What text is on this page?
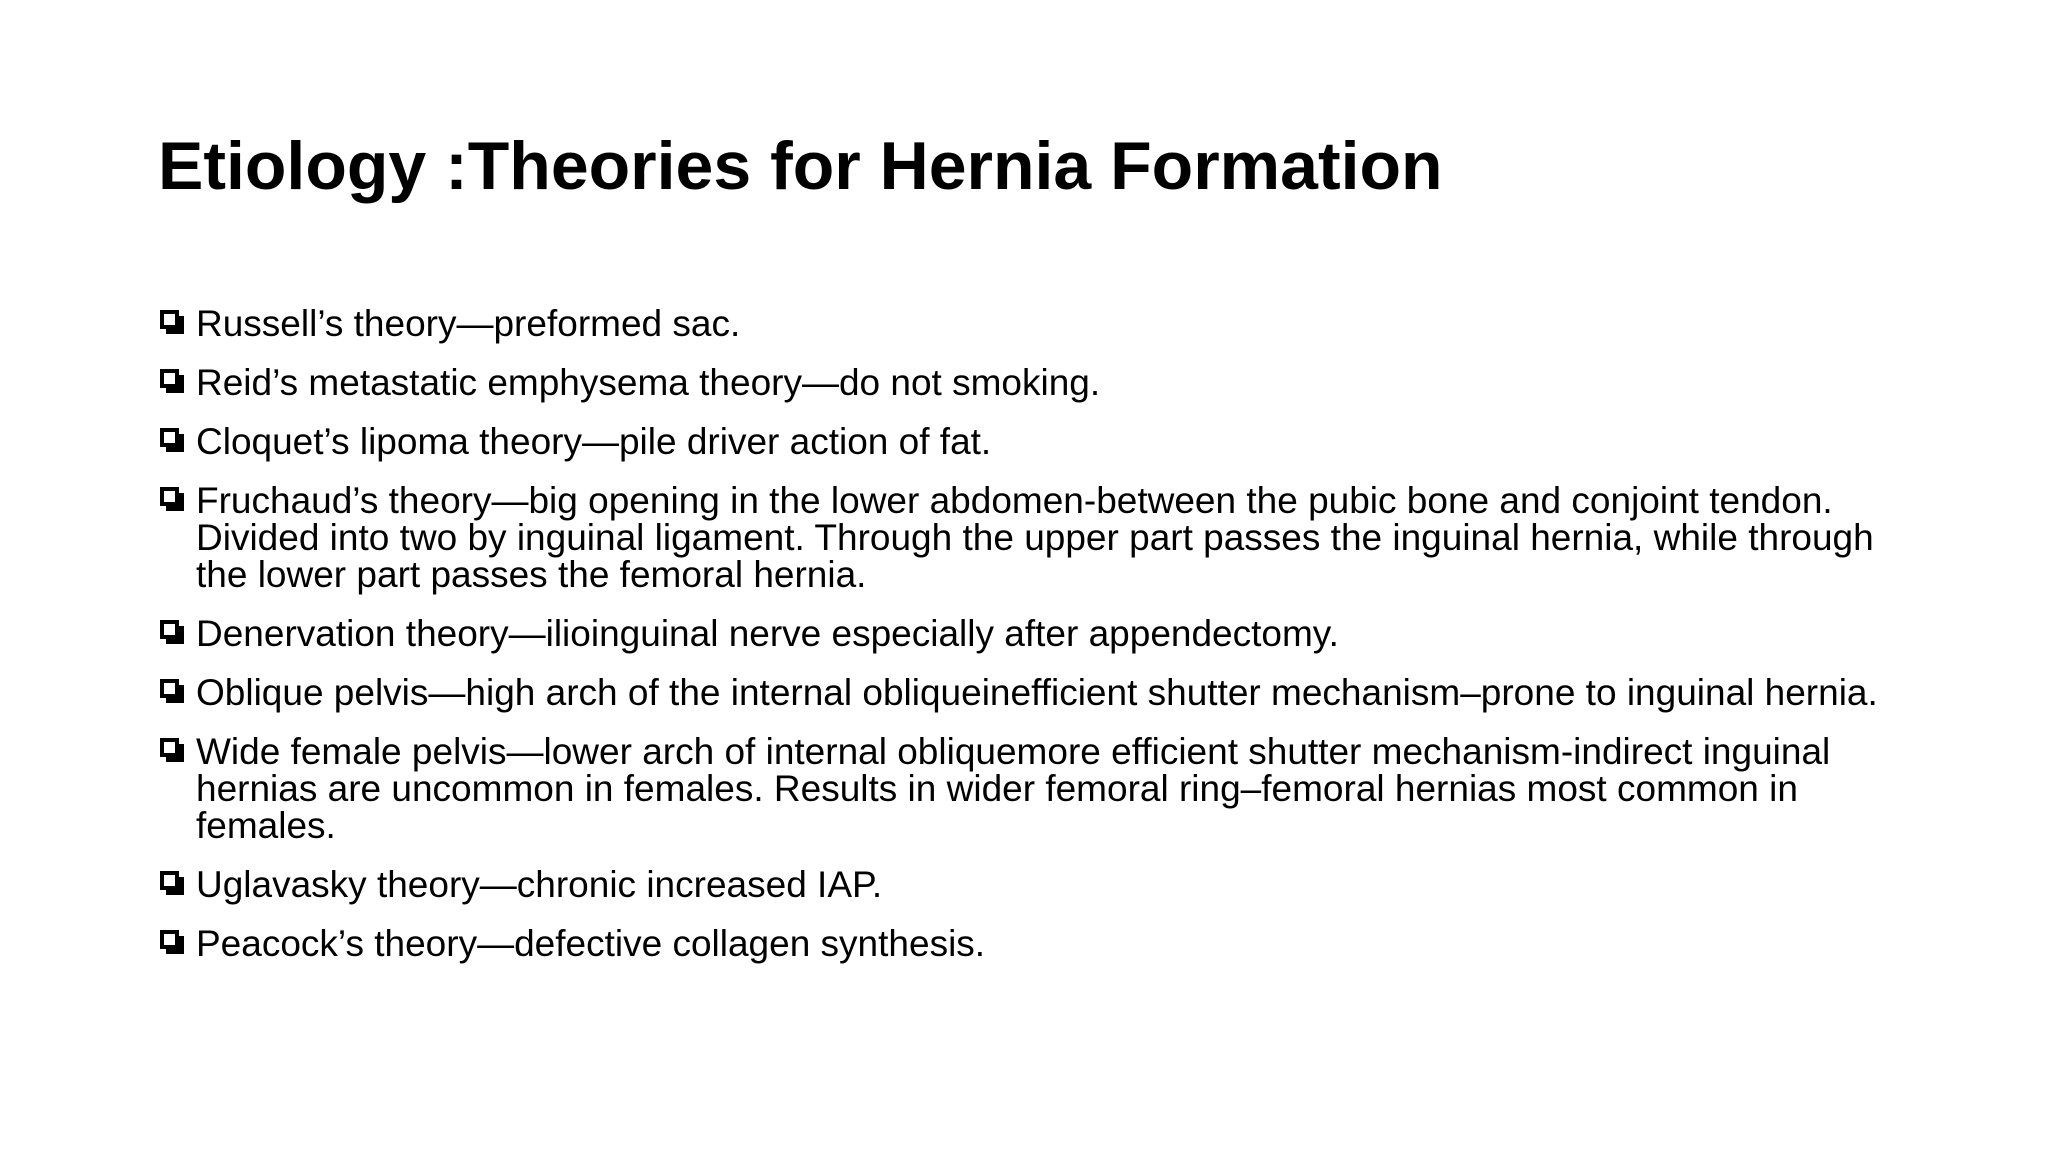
Etiology :Theories for Hernia Formation
Russell’s theory—preformed sac.
Reid’s metastatic emphysema theory—do not smoking.
Cloquet’s lipoma theory—pile driver action of fat.
Fruchaud’s theory—big opening in the lower abdomen-between the pubic bone and conjoint tendon. Divided into two by inguinal ligament. Through the upper part passes the inguinal hernia, while through the lower part passes the femoral hernia.
Denervation theory—ilioinguinal nerve especially after appendectomy.
Oblique pelvis—high arch of the internal obliqueinefficient shutter mechanism–prone to inguinal hernia.
Wide female pelvis—lower arch of internal obliquemore efficient shutter mechanism-indirect inguinal hernias are uncommon in females. Results in wider femoral ring–femoral hernias most common in females.
Uglavasky theory—chronic increased IAP.
Peacock’s theory—defective collagen synthesis.
